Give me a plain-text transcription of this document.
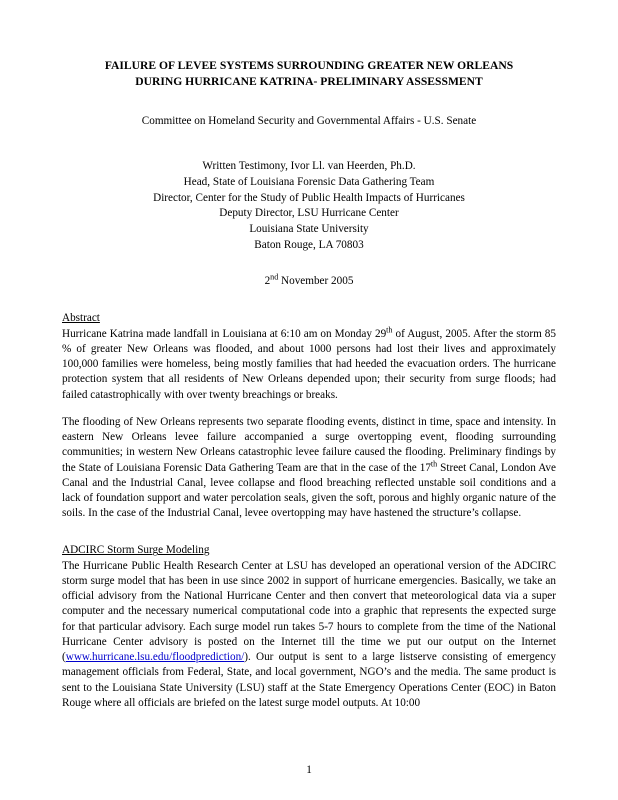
FAILURE OF LEVEE SYSTEMS SURROUNDING GREATER NEW ORLEANS
DURING HURRICANE KATRINA- PRELIMINARY ASSESSMENT
Committee on Homeland Security and Governmental Affairs - U.S. Senate
Written Testimony, Ivor Ll. van Heerden, Ph.D.
Head, State of Louisiana Forensic Data Gathering Team
Director, Center for the Study of Public Health Impacts of Hurricanes
Deputy Director, LSU Hurricane Center
Louisiana State University
Baton Rouge, LA 70803
2nd November 2005
Abstract

Hurricane Katrina made landfall in Louisiana at 6:10 am on Monday 29th of August, 2005. After the storm 85 % of greater New Orleans was flooded, and about 1000 persons had lost their lives and approximately 100,000 families were homeless, being mostly families that had heeded the evacuation orders. The hurricane protection system that all residents of New Orleans depended upon; their security from surge floods; had failed catastrophically with over twenty breachings or breaks.

The flooding of New Orleans represents two separate flooding events, distinct in time, space and intensity. In eastern New Orleans levee failure accompanied a surge overtopping event, flooding surrounding communities; in western New Orleans catastrophic levee failure caused the flooding. Preliminary findings by the State of Louisiana Forensic Data Gathering Team are that in the case of the 17th Street Canal, London Ave Canal and the Industrial Canal, levee collapse and flood breaching reflected unstable soil conditions and a lack of foundation support and water percolation seals, given the soft, porous and highly organic nature of the soils. In the case of the Industrial Canal, levee overtopping may have hastened the structure’s collapse.

ADCIRC Storm Surge Modeling

The Hurricane Public Health Research Center at LSU has developed an operational version of the ADCIRC storm surge model that has been in use since 2002 in support of hurricane emergencies. Basically, we take an official advisory from the National Hurricane Center and then convert that meteorological data via a super computer and the necessary numerical computational code into a graphic that represents the expected surge for that particular advisory. Each surge model run takes 5-7 hours to complete from the time of the National Hurricane Center advisory is posted on the Internet till the time we put our output on the Internet (www.hurricane.lsu.edu/floodprediction/). Our output is sent to a large listserve consisting of emergency management officials from Federal, State, and local government, NGO’s and the media. The same product is sent to the Louisiana State University (LSU) staff at the State Emergency Operations Center (EOC) in Baton Rouge where all officials are briefed on the latest surge model outputs. At 10:00

1
